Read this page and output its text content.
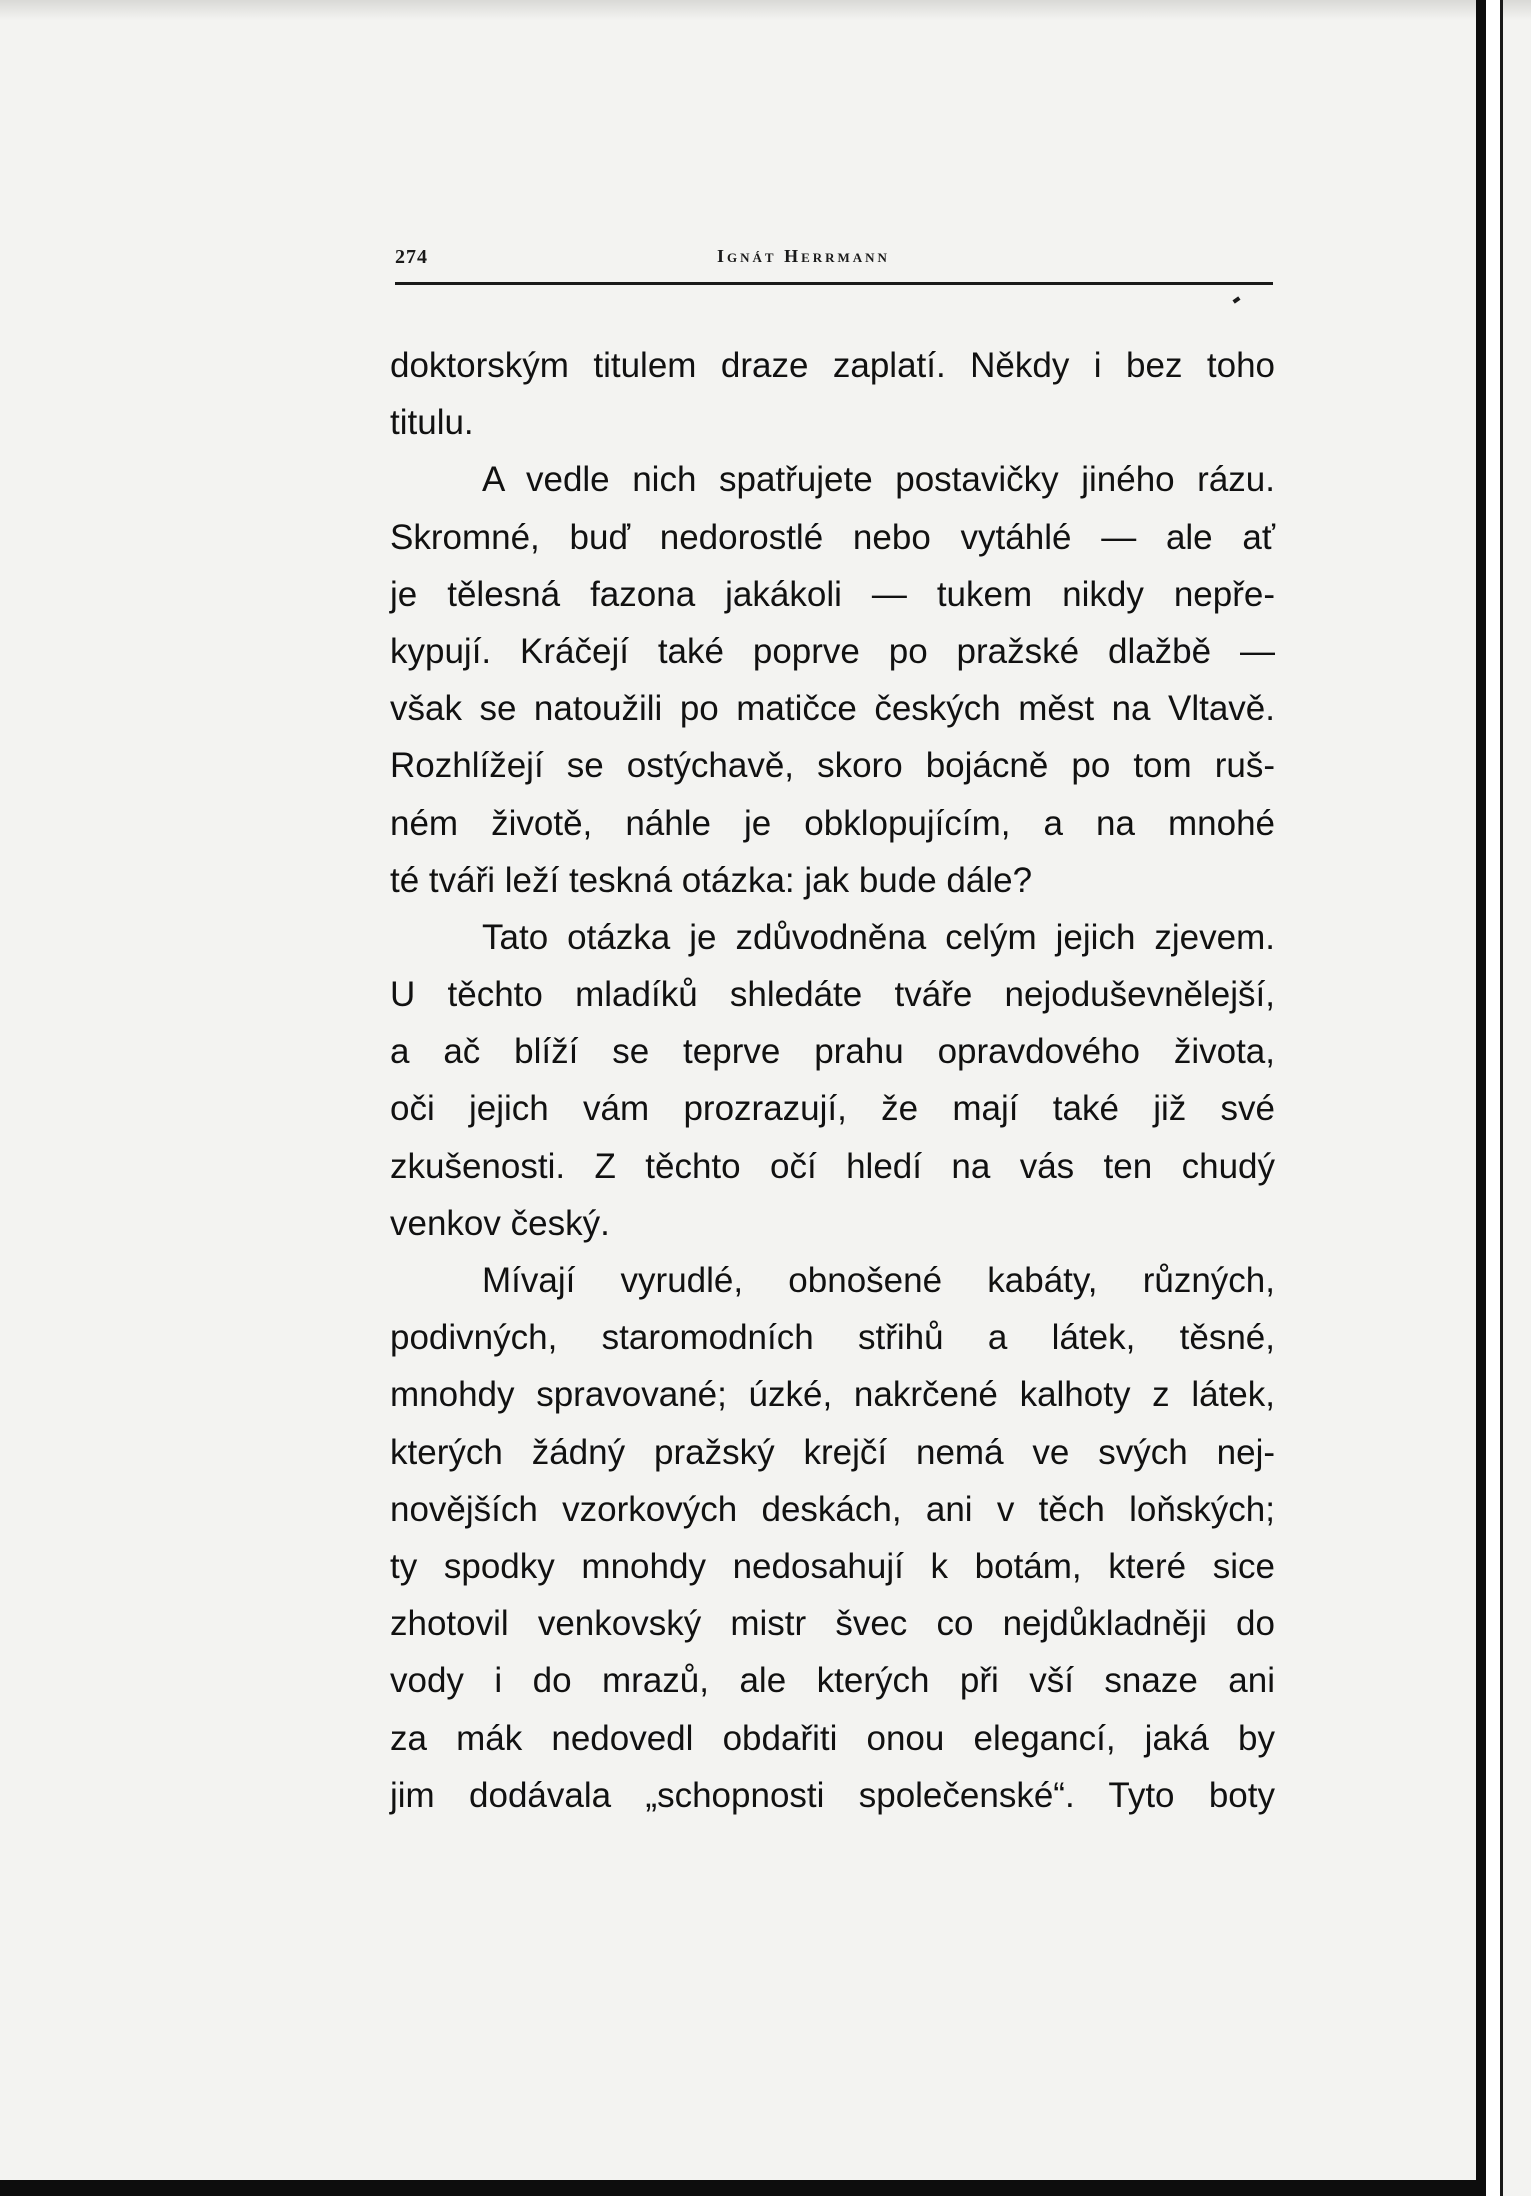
274	Ignát Herrmann
doktorským titulem draze zaplatí. Někdy i bez toho
titulu.
A vedle nich spatřujete postavičky jiného rázu.
Skromné, buď nedorostlé nebo vytáhlé — ale ať
je tělesná fazona jakákoli — tukem nikdy nepře-
kypují. Kráčejí také poprve po pražské dlažbě —
však se natoužili po matičce českých měst na Vltavě.
Rozhlížejí se ostýchavě, skoro bojácně po tom ruš-
ném životě, náhle je obklopujícím, a na mnohé
té tváři leží teskná otázka: jak bude dále?
Tato otázka je zdůvodněna celým jejich zjevem.
U těchto mladíků shledáte tváře nejoduševnělejší,
a ač blíží se teprve prahu opravdového života,
oči jejich vám prozrazují, že mají také již své
zkušenosti. Z těchto očí hledí na vás ten chudý
venkov český.
Mívají vyrudlé, obnošené kabáty, různých,
podivných, staromodních střihů a látek, těsné,
mnohdy spravované; úzké, nakrčené kalhoty z látek,
kterých žádný pražský krejčí nemá ve svých nej-
novějších vzorkových deskách, ani v těch loňských;
ty spodky mnohdy nedosahují k botám, které sice
zhotovil venkovský mistr švec co nejdůkladněji do
vody i do mrazů, ale kterých při vší snaze ani
za mák nedovedl obdařiti onou elegancí, jaká by
jim dodávala „schopnosti společenské“. Tyto boty
